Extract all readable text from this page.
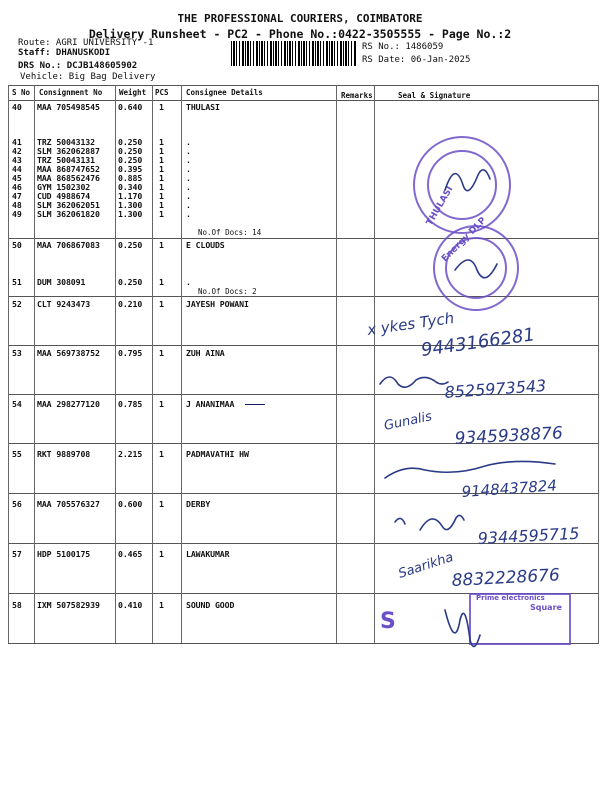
THE PROFESSIONAL COURIERS, COIMBATORE
Delivery Runsheet - PC2 - Phone No.:0422-3505555 - Page No.:2
Route: AGRI UNIVERSITY -1
Staff: DHANUSKODI
DRS No.: DCJB148605902
Vehicle: Big Bag Delivery
RS No.: 1486059
RS Date: 06-Jan-2025
S No Consignment No Weight PCS Consignee Details	Remarks	Seal & Signature
40 MAA 705498545 0.640 1	THULASI
41 TRZ 50043132	0.250 1	.
42 SLM 362062887 0.250 1	.
43 TRZ 50043131	0.250 1	.
44 MAA 868747652 0.395 1	.
45 MAA 868562476 0.885 1	.
46 GYM 1502302	0.340 1	.
47 CUD 4988674	1.170 1	.
48 SLM 362062051 1.300 1	.
49 SLM 362061820 1.300 1	.
No.Of Docs: 14
50 MAA 706867083 0.250 1	E CLOUDS
51 DUM 308091	0.250 1	.
No.Of Docs: 2
52 CLT 9243473	0.210 1	JAYESH POWANI
53 MAA 569738752 0.795 1	ZUH AINA
54 MAA 298277120 0.785 1	J ANANIMAA
55 RKT 9889708	2.215 1	PADMAVATHI HW
56 MAA 705576327 0.600 1	DERBY
57 HDP 5100175	0.465 1	LAWAKUMAR
58 IXM 507582939 0.410 1	SOUND GOOD
THULASI
Energy DLP
x ykes Tych
9443166281
8525973543
Gunalis
9345938876
9148437824
9344595715
Saarikha
8832228676
Square
Prime electronics
S
